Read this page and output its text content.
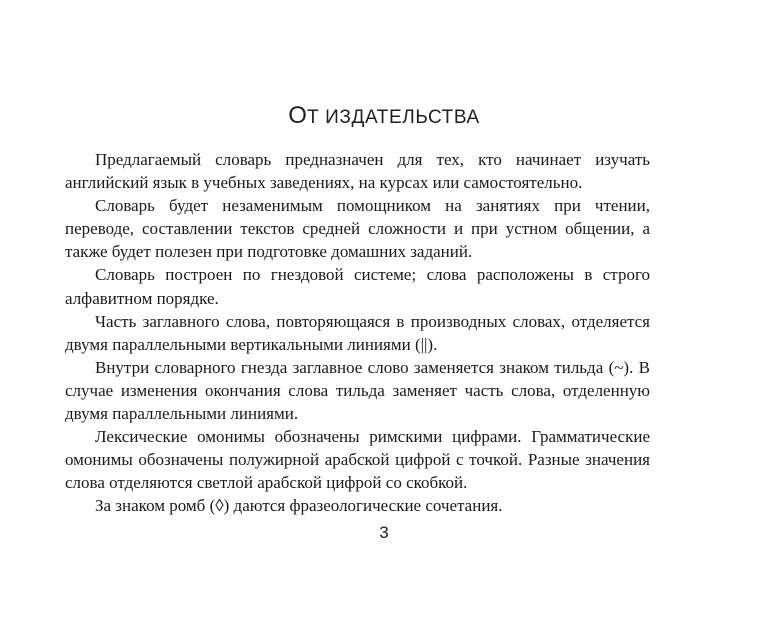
ОТ ИЗДАТЕЛЬСТВА

Предлагаемый словарь предназначен для тех, кто начинает изучать английский язык в учебных заведениях, на курсах или самостоятельно.

Словарь будет незаменимым помощником на занятиях при чтении, переводе, составлении текстов средней сложности и при устном общении, а также будет полезен при подготовке домашних заданий.

Словарь построен по гнездовой системе; слова расположены в строго алфавитном порядке.

Часть заглавного слова, повторяющаяся в производных словах, отделяется двумя параллельными вертикальными линиями (||).

Внутри словарного гнезда заглавное слово заменяется знаком тильда (~). В случае изменения окончания слова тильда заменяет часть слова, отделенную двумя параллельными линиями.

Лексические омонимы обозначены римскими цифрами. Грамматические омонимы обозначены полужирной арабской цифрой с точкой. Разные значения слова отделяются светлой арабской цифрой со скобкой.

За знаком ромб (◊) даются фразеологические сочетания.

3
